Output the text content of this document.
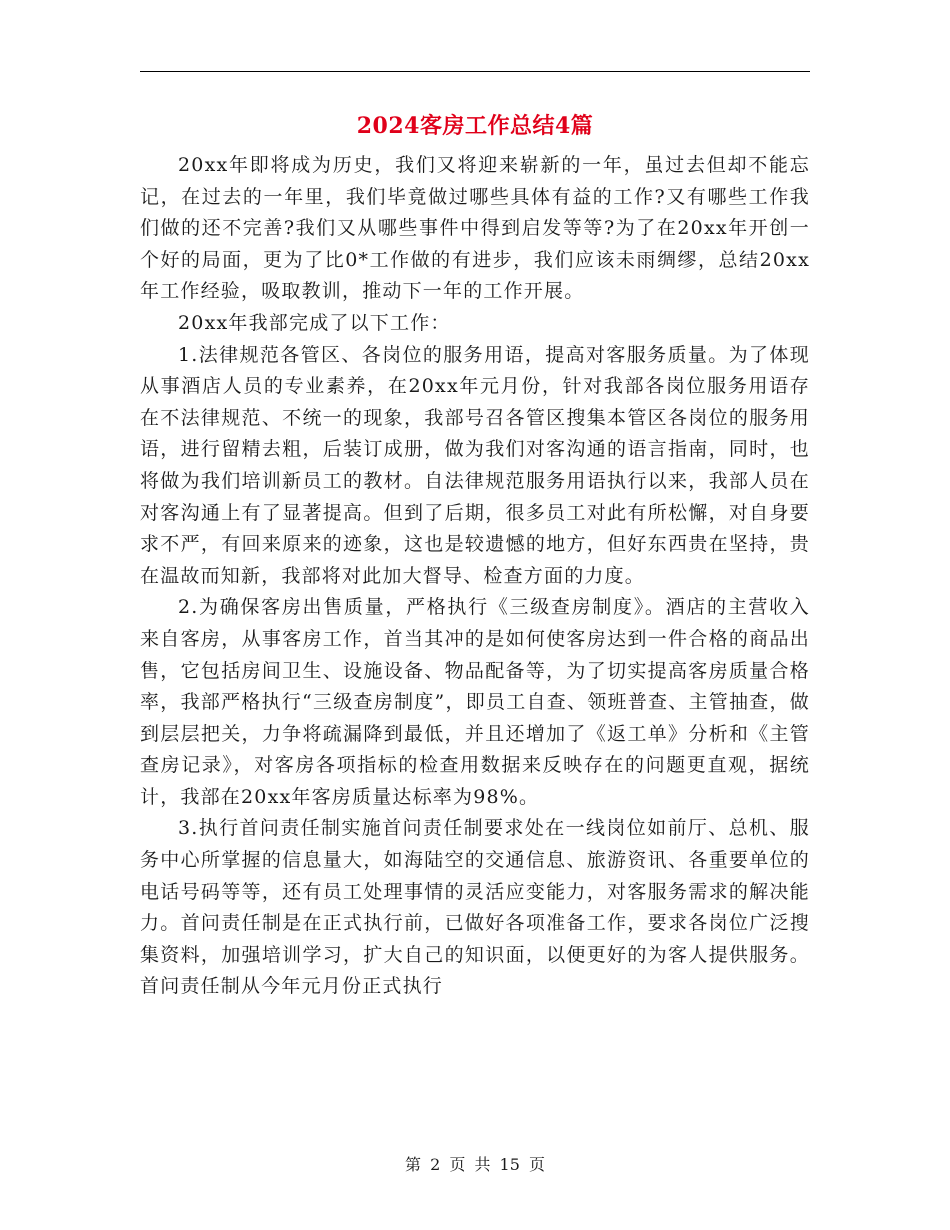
2024客房工作总结4篇

20xx年即将成为历史，我们又将迎来崭新的一年，虽过去但却不能忘记，在过去的一年里，我们毕竟做过哪些具体有益的工作?又有哪些工作我们做的还不完善?我们又从哪些事件中得到启发等等?为了在20xx年开创一个好的局面，更为了比0*工作做的有进步，我们应该未雨绸缪，总结20xx年工作经验，吸取教训，推动下一年的工作开展。

20xx年我部完成了以下工作：

1.法律规范各管区、各岗位的服务用语，提高对客服务质量。为了体现从事酒店人员的专业素养，在20xx年元月份，针对我部各岗位服务用语存在不法律规范、不统一的现象，我部号召各管区搜集本管区各岗位的服务用语，进行留精去粗，后装订成册，做为我们对客沟通的语言指南，同时，也将做为我们培训新员工的教材。自法律规范服务用语执行以来，我部人员在对客沟通上有了显著提高。但到了后期，很多员工对此有所松懈，对自身要求不严，有回来原来的迹象，这也是较遗憾的地方，但好东西贵在坚持，贵在温故而知新，我部将对此加大督导、检查方面的力度。

2.为确保客房出售质量，严格执行《三级查房制度》。酒店的主营收入来自客房，从事客房工作，首当其冲的是如何使客房达到一件合格的商品出售，它包括房间卫生、设施设备、物品配备等，为了切实提高客房质量合格率，我部严格执行“三级查房制度”，即员工自查、领班普查、主管抽查，做到层层把关，力争将疏漏降到最低，并且还增加了《返工单》分析和《主管查房记录》，对客房各项指标的检查用数据来反映存在的问题更直观，据统计，我部在20xx年客房质量达标率为98%。

3.执行首问责任制实施首问责任制要求处在一线岗位如前厅、总机、服务中心所掌握的信息量大，如海陆空的交通信息、旅游资讯、各重要单位的电话号码等等，还有员工处理事情的灵活应变能力，对客服务需求的解决能力。首问责任制是在正式执行前，已做好各项准备工作，要求各岗位广泛搜集资料，加强培训学习，扩大自己的知识面，以便更好的为客人提供服务。首问责任制从今年元月份正式执行

第 2 页 共 15 页
